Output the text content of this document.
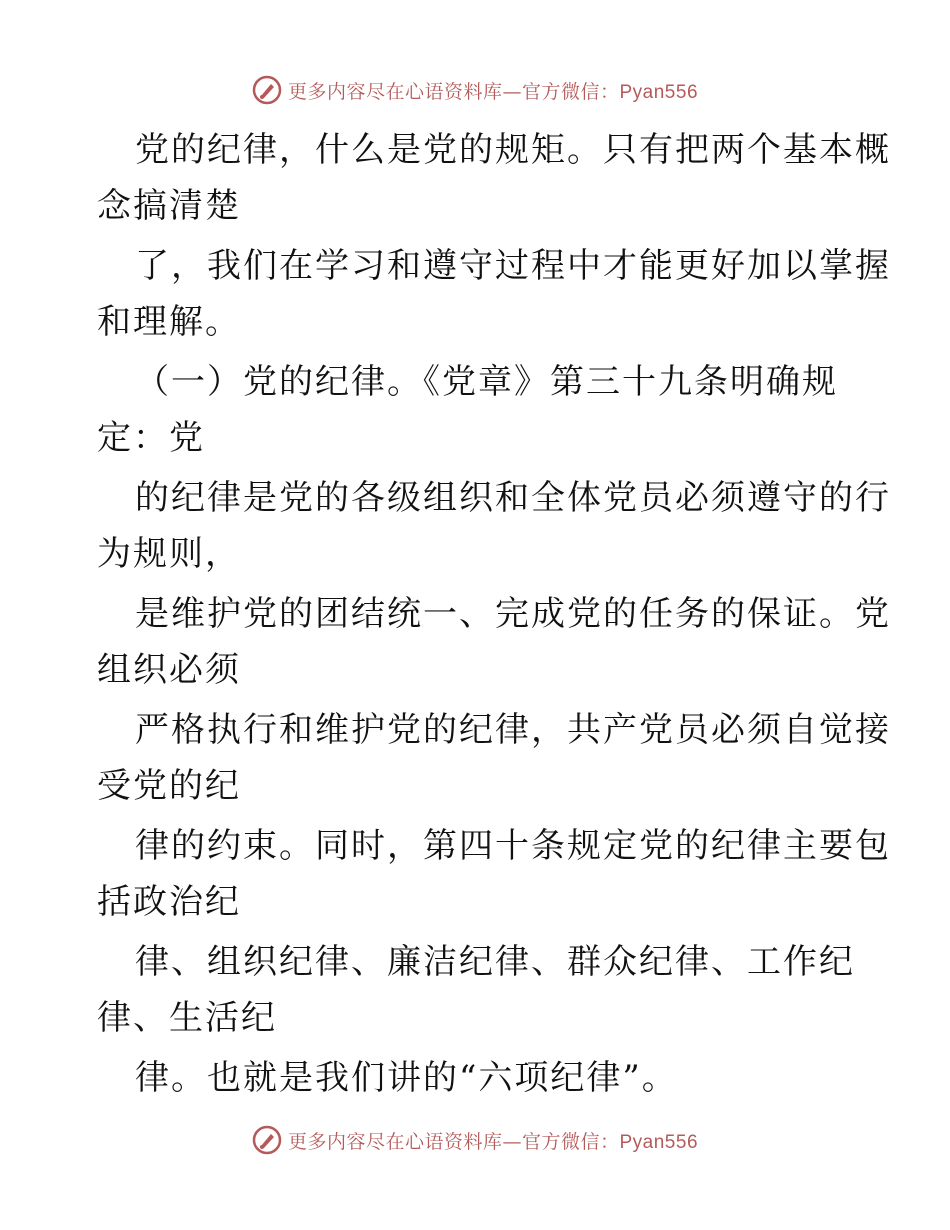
更多内容尽在心语资料库—官方微信：Pyan556
党的纪律，什么是党的规矩。只有把两个基本概
念搞清楚
了，我们在学习和遵守过程中才能更好加以掌握
和理解。
（一）党的纪律。《党章》第三十九条明确规
定：党
的纪律是党的各级组织和全体党员必须遵守的行
为规则，
是维护党的团结统一、完成党的任务的保证。党
组织必须
严格执行和维护党的纪律，共产党员必须自觉接
受党的纪
律的约束。同时，第四十条规定党的纪律主要包
括政治纪
律、组织纪律、廉洁纪律、群众纪律、工作纪
律、生活纪
律。也就是我们讲的“六项纪律”。
更多内容尽在心语资料库—官方微信：Pyan556
